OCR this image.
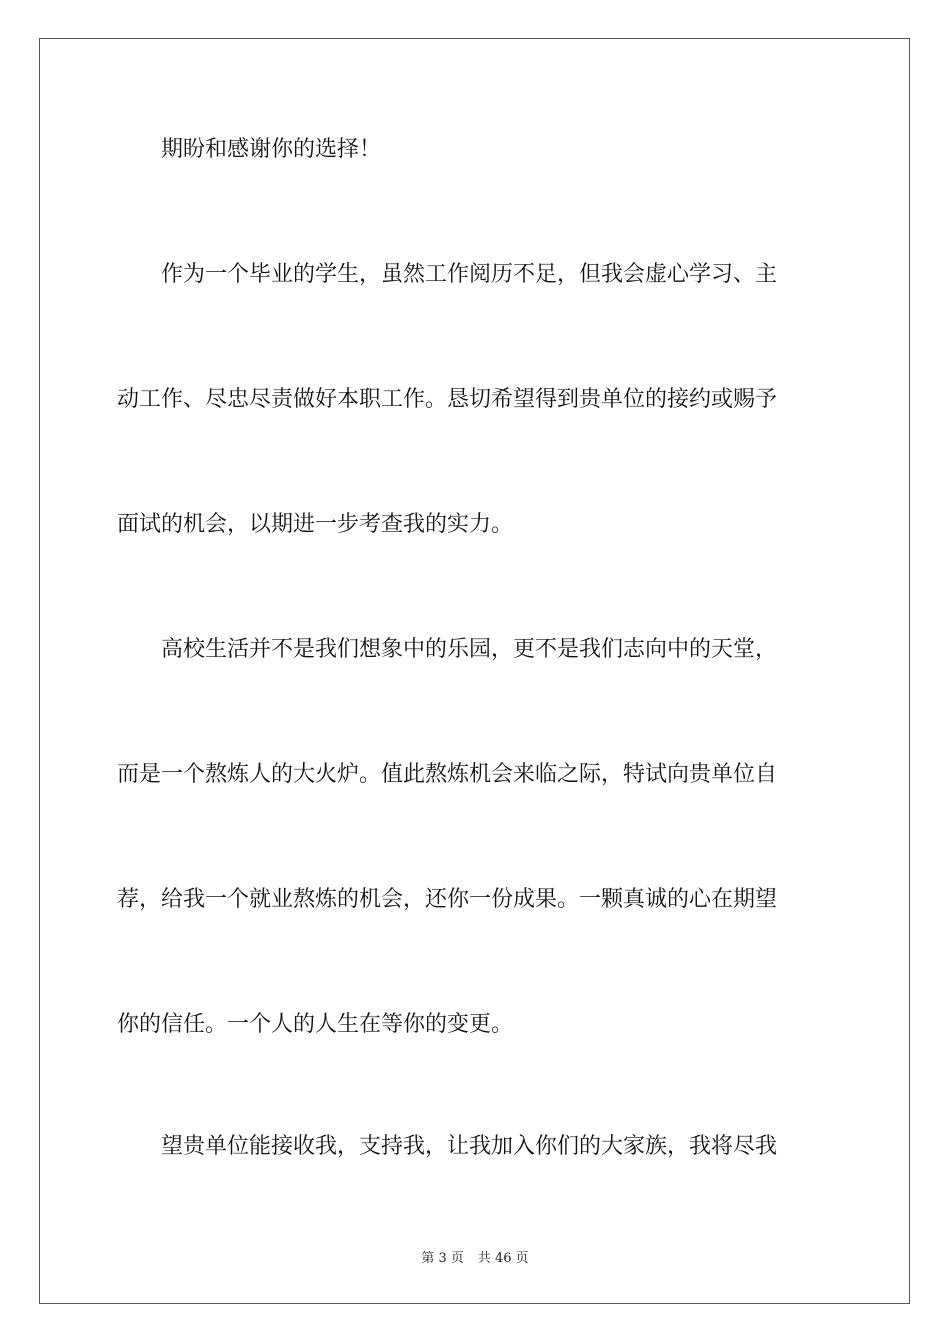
　　期盼和感谢你的选择！
　　作为一个毕业的学生，虽然工作阅历不足，但我会虚心学习、主
动工作、尽忠尽责做好本职工作。恳切希望得到贵单位的接约或赐予
面试的机会，以期进一步考查我的实力。
　　高校生活并不是我们想象中的乐园，更不是我们志向中的天堂，
而是一个熬炼人的大火炉。值此熬炼机会来临之际，特试向贵单位自
荐，给我一个就业熬炼的机会，还你一份成果。一颗真诚的心在期望
你的信任。一个人的人生在等你的变更。
　　望贵单位能接收我，支持我，让我加入你们的大家族，我将尽我
第 3 页 共 46 页
